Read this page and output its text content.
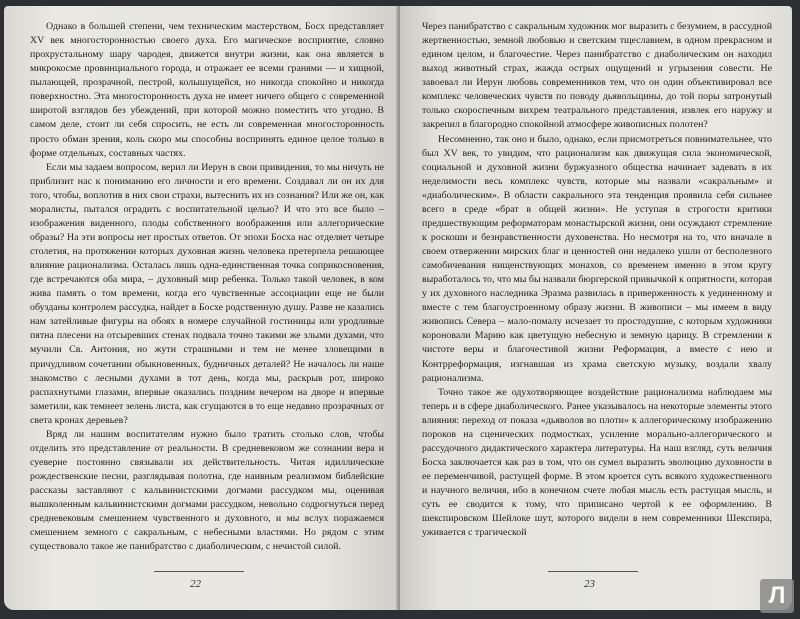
Однако в большей степени, чем техническим мастерством, Босх представляет XV век многосторонностью своего духа. Его магическое восприятие, словно прохрустальному шару чародея, движется внутри жизни, как она является в микрокосме провинциального города, и отражает ее всеми гранями — и хищной, пылающей, прозрачной, пестрой, колышущейся, но никогда спокойно и никогда поверхностно. Эта многосторонность духа не имеет ничего общего с современной широтой взглядов без убеждений, при которой можно поместить что угодно. В самом деле, стоит ли себя спросить, не есть ли современная многосторонность просто обман зрения, коль скоро мы способны воспринять единое целое только в форме отдельных, составных частях.

Если мы задаем вопросом, верил ли Иерун в свои привидения, то мы ничуть не приблизит нас к пониманию его личности и его времени. Создавал ли он их для того, чтобы, воплотив в них свои страхи, вытеснить их из сознания? Или же он, как моралисты, пытался оградить с воспитательной целью? И что это все было – изображения виденного, плоды собственного воображения или аллегорические образы? На эти вопросы нет простых ответов. От эпохи Босха нас отделяет четыре столетия, на протяжении которых духовная жизнь человека претерпела решающее влияние рационализма. Осталась лишь одна-единственная точка соприкосновения, где встречаются оба мира, – духовный мир ребенка. Только такой человек, в ком жива память о том времени, когда его чувственные ассоциации еще не были обузданы контролем рассудка, найдет в Босхе родственную душу. Разве не казались нам затейливые фигуры на обоях в номере случайной гостиницы или уродливые пятна плесени на отсыревших стенах подвала точно такими же злыми духами, что мучили Св. Антония, но жути страшными и тем не менее зловещими в причудливом сочетании обыкновенных, будничных деталей? Не началось ли наше знакомство с лесными духами в тот день, когда мы, раскрыв рот, широко распахнутыми глазами, впервые оказались поздним вечером на дворе и впервые заметили, как темнеет зелень листа, как сгущаются в то еще недавно прозрачных от света кронах деревьев?

Вряд ли нашим воспитателям нужно было тратить столько слов, чтобы отделить это представление от реальности. В средневековом же сознании вера и суеверие постоянно связывали их действительность. Читая идиллические рождественские песни, разглядывая полотна, где наивным реализмом библейские рассказы заставляют с кальвинистскими догмами рассудком мы, оценивая вышколенным кальвинистскими догмами рассудком, невольно содрогнуться перед средневековым смешением чувственного и духовного, и мы вслух поражаемся смешением земного с сакральным, с небесными властями. Но рядом с этим существовало такое же панибратство с диаболическим, с нечистой силой.

22

Через панибратство с сакральным художник мог выразить с безумием, в рассудной жертвенностью, земной любовью и светским тщеславием, в одном прекрасном и едином целом, и благочестие. Через панибратство с диаболическим он находил выход животный страх, жажда острых ощущений и угрызения совести. Не завоевал ли Иерун любовь современников тем, что он один объективировал все комплекс человеческих чувств по поводу дьявольщины, до той поры затронутый только скороспечным вихрем театрального представления, извлек его наружу и закрепил в благородно спокойной атмосфере живописных полотен?

Несомненно, так оно и было, однако, если присмотреться повнимательнее, что был XV век, то увидим, что рационализм как движущая сила экономической, социальной и духовной жизни буржуазного общества начинает задевать в их неделимости весь комплекс чувств, которые мы назвали «сакральным» и «диаболическим». В области сакрального эта тенденция проявила себя сильнее всего в среде «брат в общей жизни». Не уступая в строгости критики предшествующим реформаторам монастырской жизни, они осуждают стремление к роскоши и безнравственности духовенства. Но несмотря на то, что вначале в своем отвержении мирских благ и ценностей они недалеко ушли от бесполезного самобичевания нищенствующих монахов, со временем именно в этом кругу выработалось то, что мы бы назвали бюргерской привычкой к опрятности, которая у их духовного наследника Эразма развилась в приверженность к уединенному и вместе с тем благоустроенному образу жизни. В живописи – мы имеем в виду живопись Севера – мало-помалу исчезает то простодушие, с которым художники короновали Марию как цветущую небесную и земную царицу. В стремлении к чистоте веры и благочестивой жизни Реформация, а вместе с нею и Контрреформация, изгнавшая из храма светскую музыку, воздали хвалу рационализма.

Точно такое же одухотворяющее воздействие рационализма наблюдаем мы теперь и в сфере диаболического. Ранее указывалось на некоторые элементы этого влияния: переход от показа «дьяволов во плоти» к аллегорическому изображению пороков на сценических подмостках, усиление морально-аллегорического и рассудочного дидактического характера литературы. На наш взгляд, суть величия Босха заключается как раз в том, что он сумел выразить эволюцию духовности в ее переменчивой, растущей форме. В этом кроется суть всякого художественного и научного величия, ибо в конечном счете любая мысль есть растущая мысль, и суть ее сводится к тому, что приписано чертой к ее оформлению. В шекспировском Шейлоке шут, которого видели в нем современники Шекспира, уживается с трагической

23	Л
